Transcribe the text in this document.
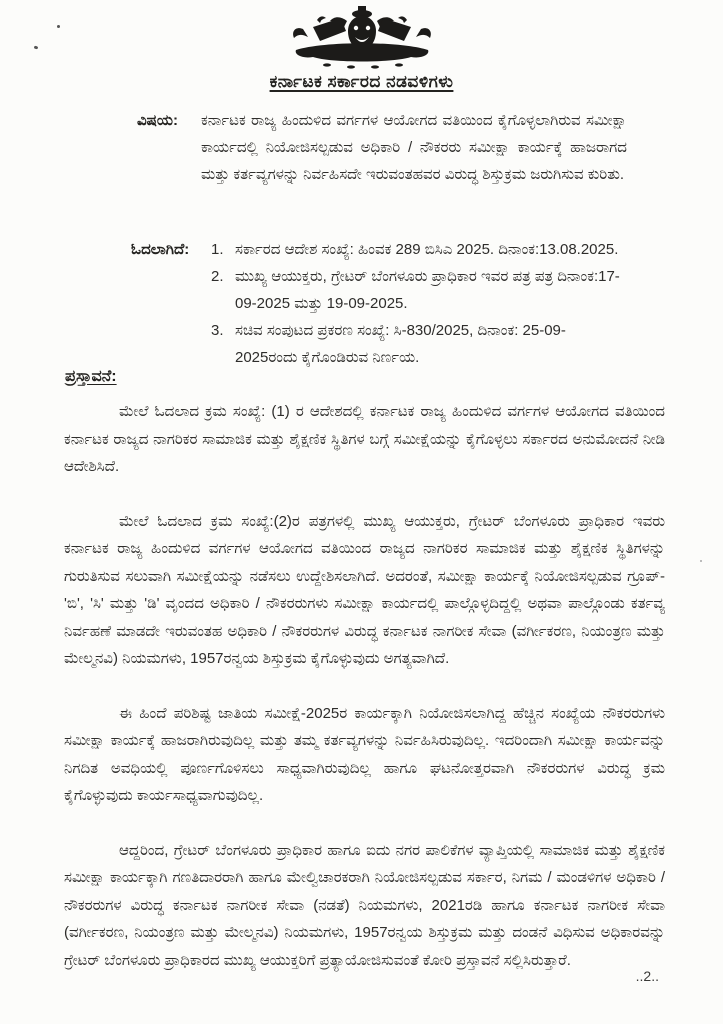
ಕರ್ನಾಟಕ ಸರ್ಕಾರದ ನಡವಳಿಗಳು
ವಿಷಯ:	ಕರ್ನಾಟಕ ರಾಜ್ಯ ಹಿಂದುಳಿದ ವರ್ಗಗಳ ಆಯೋಗದ ವತಿಯಿಂದ ಕೈಗೊಳ್ಳಲಾಗಿರುವ ಸಮೀಕ್ಷಾ ಕಾರ್ಯದಲ್ಲಿ ನಿಯೋಜಿಸಲ್ಪಡುವ ಅಧಿಕಾರಿ / ನೌಕರರು ಸಮೀಕ್ಷಾ ಕಾರ್ಯಕ್ಕೆ ಹಾಜರಾಗದ ಮತ್ತು ಕರ್ತವ್ಯಗಳನ್ನು ನಿರ್ವಹಿಸದೇ ಇರುವಂತಹವರ ವಿರುದ್ಧ ಶಿಸ್ತುಕ್ರಮ ಜರುಗಿಸುವ ಕುರಿತು.
ಓದಲಾಗಿದೆ:	1. ಸರ್ಕಾರದ ಆದೇಶ ಸಂಖ್ಯೆ: ಹಿಂವಕ 289 ಬಿಸಿಎ 2025. ದಿನಾಂಕ:13.08.2025.
2. ಮುಖ್ಯ ಆಯುಕ್ತರು, ಗ್ರೇಟರ್ ಬೆಂಗಳೂರು ಪ್ರಾಧಿಕಾರ ಇವರ ಪತ್ರ ಪತ್ರ ದಿನಾಂಕ:17-09-2025 ಮತ್ತು 19-09-2025.
3. ಸಚಿವ ಸಂಪುಟದ ಪ್ರಕರಣ ಸಂಖ್ಯೆ: ಸಿ-830/2025, ದಿನಾಂಕ: 25-09-2025ರಂದು ಕೈಗೊಂಡಿರುವ ನಿರ್ಣಯ.
ಪ್ರಸ್ತಾವನೆ:

ಮೇಲೆ ಓದಲಾದ ಕ್ರಮ ಸಂಖ್ಯೆ: (1) ರ ಆದೇಶದಲ್ಲಿ ಕರ್ನಾಟಕ ರಾಜ್ಯ ಹಿಂದುಳಿದ ವರ್ಗಗಳ ಆಯೋಗದ ವತಿಯಿಂದ ಕರ್ನಾಟಕ ರಾಜ್ಯದ ನಾಗರಿಕರ ಸಾಮಾಜಿಕ ಮತ್ತು ಶೈಕ್ಷಣಿಕ ಸ್ಥಿತಿಗಳ ಬಗ್ಗೆ ಸಮೀಕ್ಷೆಯನ್ನು ಕೈಗೊಳ್ಳಲು ಸರ್ಕಾರದ ಅನುಮೋದನೆ ನೀಡಿ ಆದೇಶಿಸಿದೆ.

ಮೇಲೆ ಓದಲಾದ ಕ್ರಮ ಸಂಖ್ಯೆ:(2)ರ ಪತ್ರಗಳಲ್ಲಿ ಮುಖ್ಯ ಆಯುಕ್ತರು, ಗ್ರೇಟರ್ ಬೆಂಗಳೂರು ಪ್ರಾಧಿಕಾರ ಇವರು ಕರ್ನಾಟಕ ರಾಜ್ಯ ಹಿಂದುಳಿದ ವರ್ಗಗಳ ಆಯೋಗದ ವತಿಯಿಂದ ರಾಜ್ಯದ ನಾಗರಿಕರ ಸಾಮಾಜಿಕ ಮತ್ತು ಶೈಕ್ಷಣಿಕ ಸ್ಥಿತಿಗಳನ್ನು ಗುರುತಿಸುವ ಸಲುವಾಗಿ ಸಮೀಕ್ಷೆಯನ್ನು ನಡೆಸಲು ಉದ್ದೇಶಿಸಲಾಗಿದೆ. ಅದರಂತೆ, ಸಮೀಕ್ಷಾ ಕಾರ್ಯಕ್ಕೆ ನಿಯೋಜಿಸಲ್ಪಡುವ ಗ್ರೂಪ್-'ಬಿ', 'ಸಿ' ಮತ್ತು 'ಡಿ' ವೃಂದದ ಅಧಿಕಾರಿ / ನೌಕರರುಗಳು ಸಮೀಕ್ಷಾ ಕಾರ್ಯದಲ್ಲಿ ಪಾಲ್ಗೊಳ್ಳದಿದ್ದಲ್ಲಿ ಅಥವಾ ಪಾಲ್ಗೊಂಡು ಕರ್ತವ್ಯ ನಿರ್ವಹಣೆ ಮಾಡದೇ ಇರುವಂತಹ ಅಧಿಕಾರಿ / ನೌಕರರುಗಳ ವಿರುದ್ಧ ಕರ್ನಾಟಕ ನಾಗರೀಕ ಸೇವಾ (ವರ್ಗೀಕರಣ, ನಿಯಂತ್ರಣ ಮತ್ತು ಮೇಲ್ಮನವಿ) ನಿಯಮಗಳು, 1957ರನ್ವಯ ಶಿಸ್ತುಕ್ರಮ ಕೈಗೊಳ್ಳುವುದು ಅಗತ್ಯವಾಗಿದೆ.

ಈ ಹಿಂದೆ ಪರಿಶಿಷ್ಟ ಜಾತಿಯ ಸಮೀಕ್ಷೆ-2025ರ ಕಾರ್ಯಕ್ಕಾಗಿ ನಿಯೋಜಿಸಲಾಗಿದ್ದ ಹೆಚ್ಚಿನ ಸಂಖ್ಯೆಯ ನೌಕರರುಗಳು ಸಮೀಕ್ಷಾ ಕಾರ್ಯಕ್ಕೆ ಹಾಜರಾಗಿರುವುದಿಲ್ಲ ಮತ್ತು ತಮ್ಮ ಕರ್ತವ್ಯಗಳನ್ನು ನಿರ್ವಹಿಸಿರುವುದಿಲ್ಲ. ಇದರಿಂದಾಗಿ ಸಮೀಕ್ಷಾ ಕಾರ್ಯವನ್ನು ನಿಗದಿತ ಅವಧಿಯಲ್ಲಿ ಪೂರ್ಣಗೊಳಿಸಲು ಸಾಧ್ಯವಾಗಿರುವುದಿಲ್ಲ ಹಾಗೂ ಘಟನೋತ್ತರವಾಗಿ ನೌಕರರುಗಳ ವಿರುದ್ಧ ಕ್ರಮ ಕೈಗೊಳ್ಳುವುದು ಕಾರ್ಯಸಾಧ್ಯವಾಗುವುದಿಲ್ಲ.

ಆದ್ದರಿಂದ, ಗ್ರೇಟರ್ ಬೆಂಗಳೂರು ಪ್ರಾಧಿಕಾರ ಹಾಗೂ ಐದು ನಗರ ಪಾಲಿಕೆಗಳ ವ್ಯಾಪ್ತಿಯಲ್ಲಿ ಸಾಮಾಜಿಕ ಮತ್ತು ಶೈಕ್ಷಣಿಕ ಸಮೀಕ್ಷಾ ಕಾರ್ಯಕ್ಕಾಗಿ ಗಣತಿದಾರರಾಗಿ ಹಾಗೂ ಮೇಲ್ವಿಚಾರಕರಾಗಿ ನಿಯೋಜಿಸಲ್ಪಡುವ ಸರ್ಕಾರ, ನಿಗಮ / ಮಂಡಳಿಗಳ ಅಧಿಕಾರಿ / ನೌಕರರುಗಳ ವಿರುದ್ಧ ಕರ್ನಾಟಕ ನಾಗರೀಕ ಸೇವಾ (ನಡತೆ) ನಿಯಮಗಳು, 2021ರಡಿ ಹಾಗೂ ಕರ್ನಾಟಕ ನಾಗರೀಕ ಸೇವಾ (ವರ್ಗೀಕರಣ, ನಿಯಂತ್ರಣ ಮತ್ತು ಮೇಲ್ಮನವಿ) ನಿಯಮಗಳು, 1957ರನ್ವಯ ಶಿಸ್ತುಕ್ರಮ ಮತ್ತು ದಂಡನೆ ವಿಧಿಸುವ ಅಧಿಕಾರವನ್ನು ಗ್ರೇಟರ್ ಬೆಂಗಳೂರು ಪ್ರಾಧಿಕಾರದ ಮುಖ್ಯ ಆಯುಕ್ತರಿಗೆ ಪ್ರತ್ಯಾಯೋಜಿಸುವಂತೆ ಕೋರಿ ಪ್ರಸ್ತಾವನೆ ಸಲ್ಲಿಸಿರುತ್ತಾರೆ.

..2..
